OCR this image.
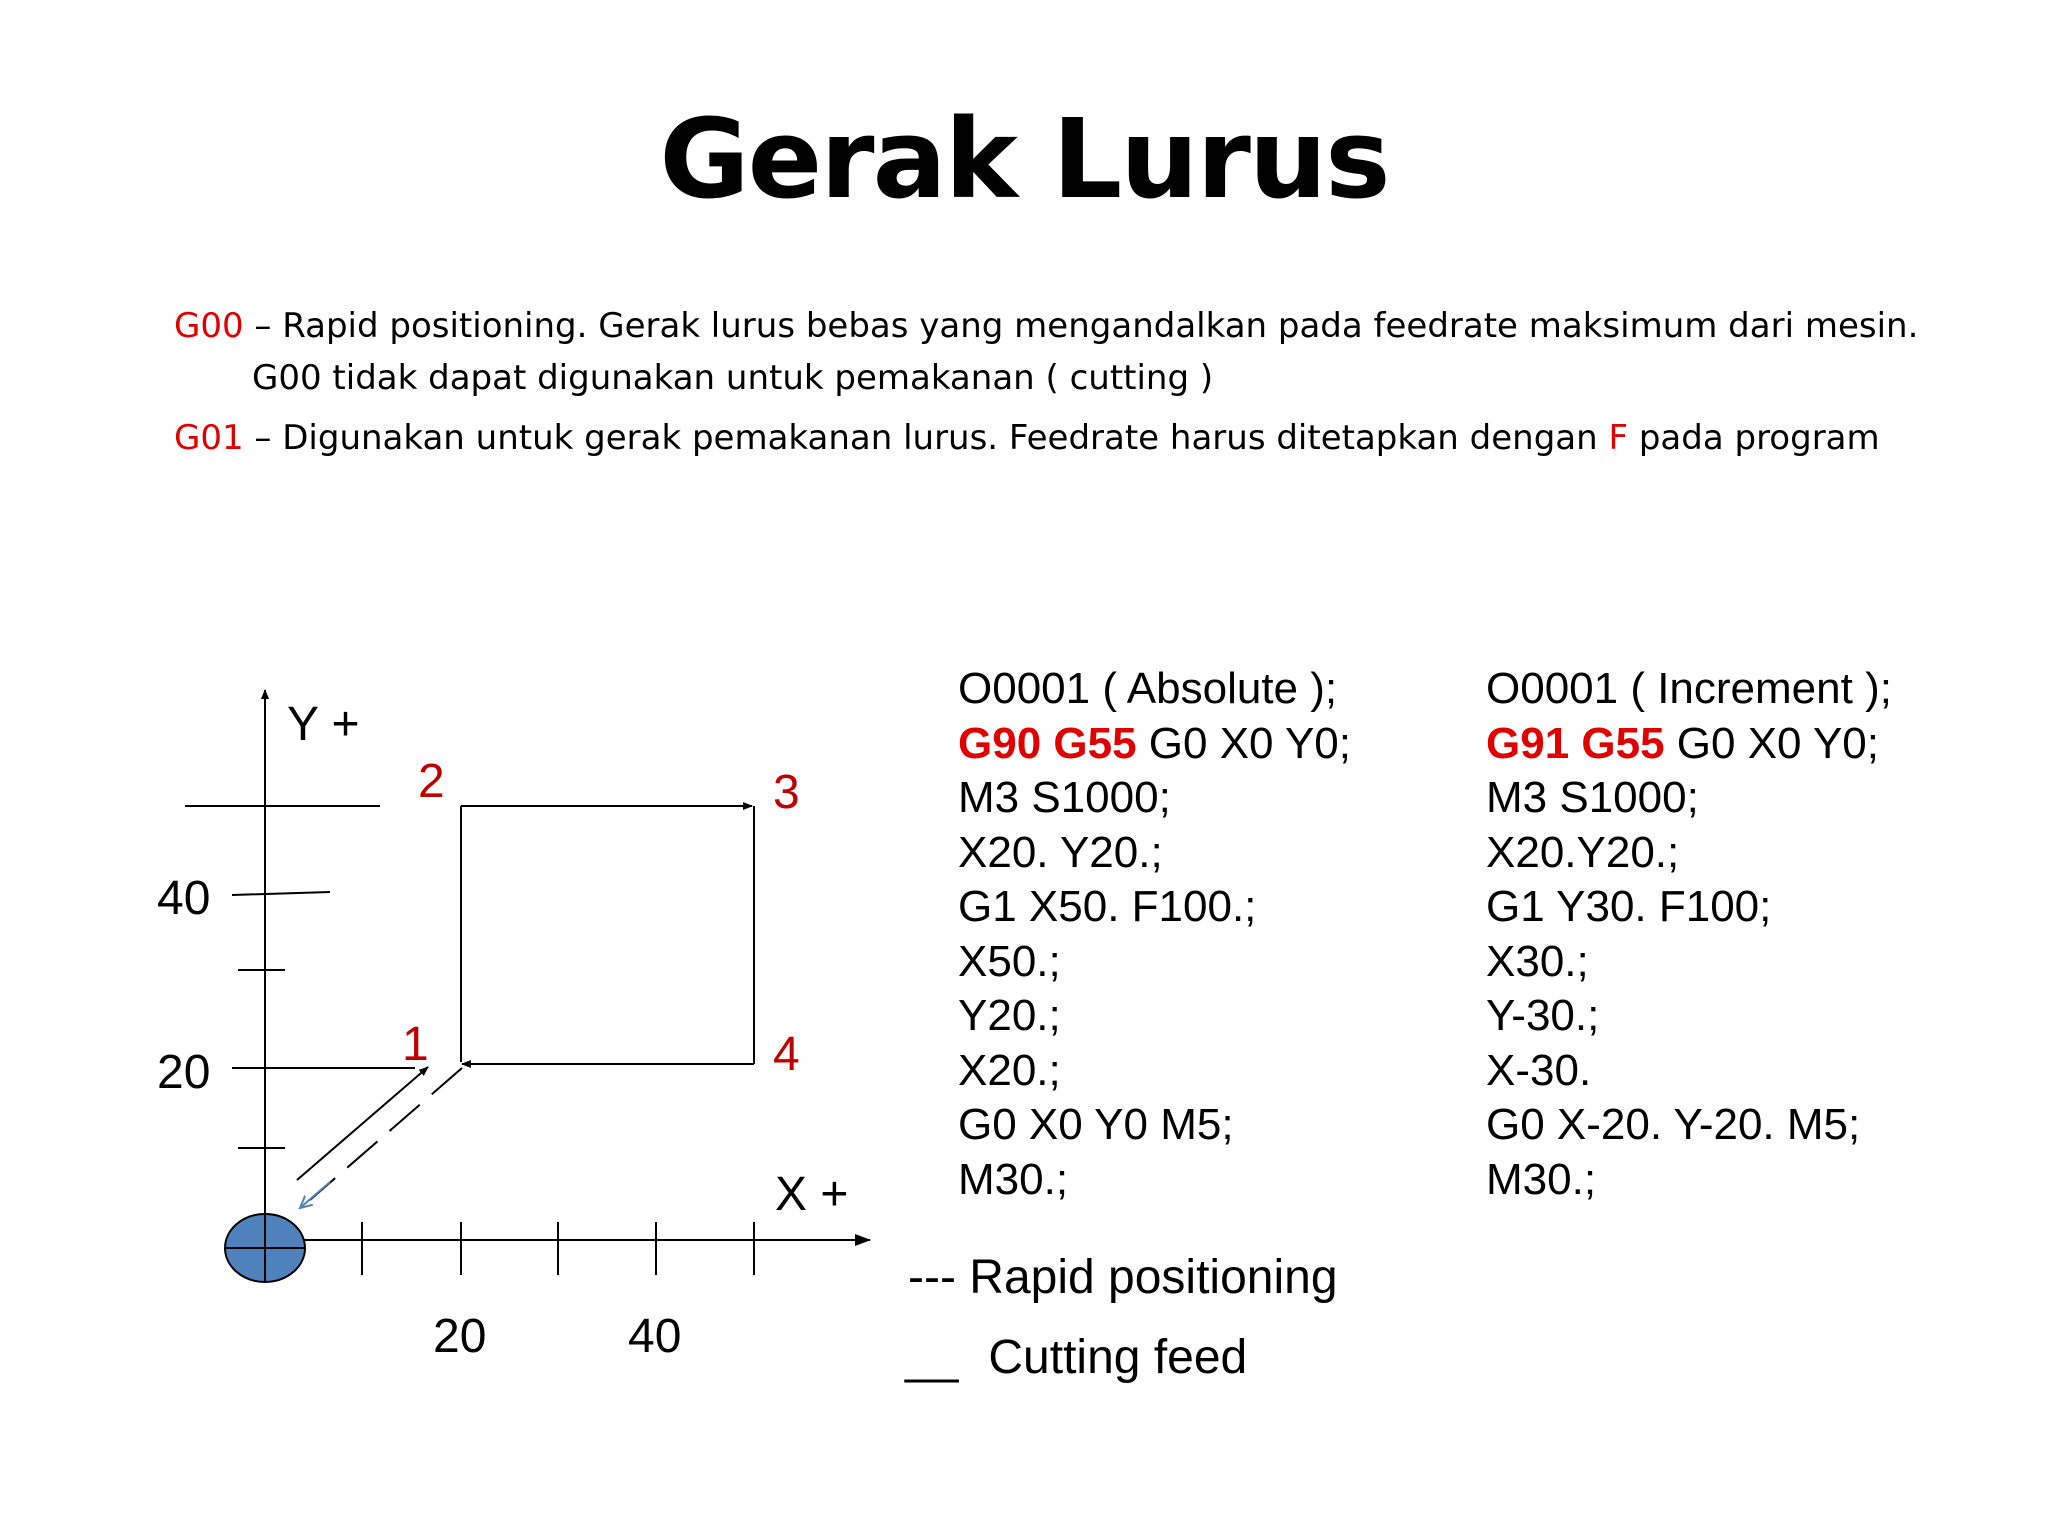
Gerak Lurus
G00 – Rapid positioning. Gerak lurus bebas yang mengandalkan pada feedrate maksimum dari mesin.
G00 tidak dapat digunakan untuk pemakanan ( cutting )
G01 – Digunakan untuk gerak pemakanan lurus. Feedrate harus ditetapkan dengan F pada program
Y +
X +
40
20
20	40
1
2	3
4
O0001 ( Absolute );
G90 G55 G0 X0 Y0;
M3 S1000;
X20. Y20.;
G1 X50. F100.;
X50.;
Y20.;
X20.;
G0 X0 Y0 M5;
M30.;
O0001 ( Increment );
G91 G55 G0 X0 Y0;
M3 S1000;
X20.Y20.;
G1 Y30. F100;
X30.;
Y-30.;
X-30.
G0 X-20. Y-20. M5;
M30.;
--- Rapid positioning
__ Cutting feed
